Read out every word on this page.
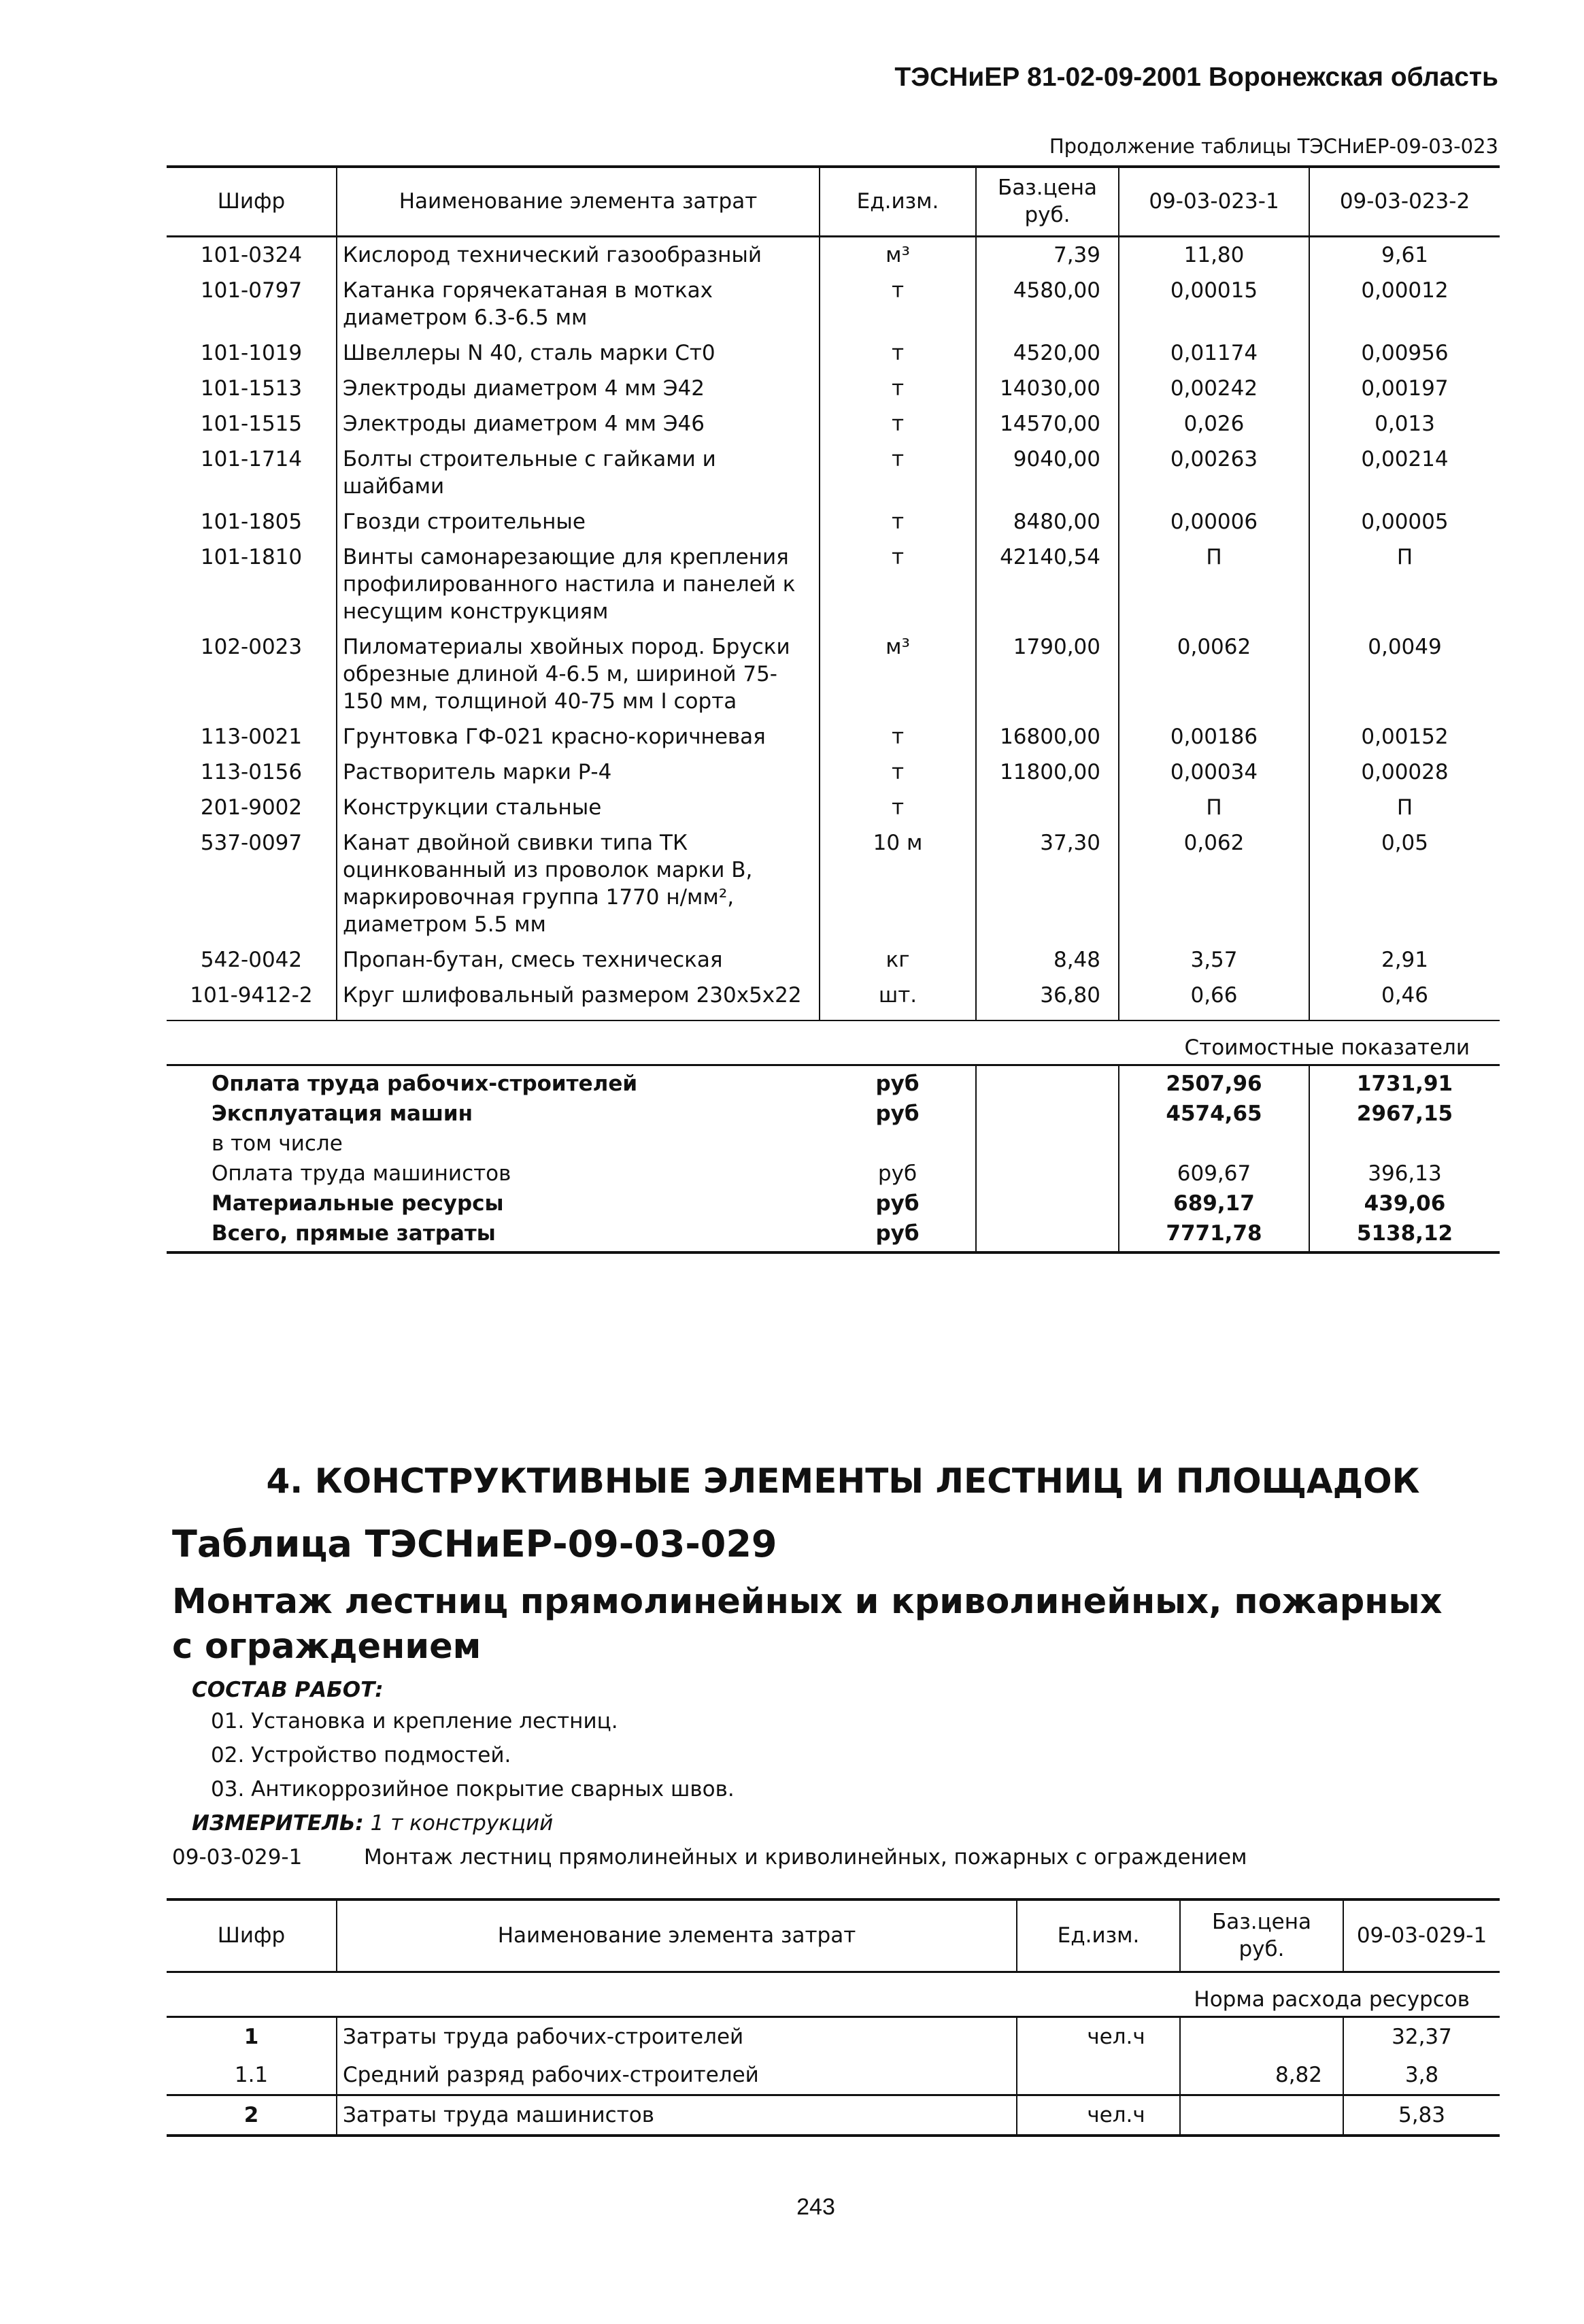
ТЭСНиЕР 81-02-09-2001 Воронежская область
Продолжение таблицы ТЭСНиЕР-09-03-023
Шифр	Наименование элемента затрат	Ед.изм.	Баз.цена руб.	09-03-023-1	09-03-023-2
101-0324	Кислород технический газообразный	м³	7,39	11,80	9,61
101-0797	Катанка горячекатаная в мотках диаметром 6.3-6.5 мм	т	4580,00	0,00015	0,00012
101-1019	Швеллеры N 40, сталь марки Ст0	т	4520,00	0,01174	0,00956
101-1513	Электроды диаметром 4 мм Э42	т	14030,00	0,00242	0,00197
101-1515	Электроды диаметром 4 мм Э46	т	14570,00	0,026	0,013
101-1714	Болты строительные с гайками и шайбами	т	9040,00	0,00263	0,00214
101-1805	Гвозди строительные	т	8480,00	0,00006	0,00005
101-1810	Винты самонарезающие для крепления профилированного настила и панелей к несущим конструкциям	т	42140,54	П	П
102-0023	Пиломатериалы хвойных пород. Бруски обрезные длиной 4-6.5 м, шириной 75-150 мм, толщиной 40-75 мм I сорта	м³	1790,00	0,0062	0,0049
113-0021	Грунтовка ГФ-021 красно-коричневая	т	16800,00	0,00186	0,00152
113-0156	Растворитель марки Р-4	т	11800,00	0,00034	0,00028
201-9002	Конструкции стальные	т		П	П
537-0097	Канат двойной свивки типа ТК оцинкованный из проволок марки В, маркировочная группа 1770 н/мм², диаметром 5.5 мм	10 м	37,30	0,062	0,05
542-0042	Пропан-бутан, смесь техническая	кг	8,48	3,57	2,91
101-9412-2	Круг шлифовальный размером 230x5x22	шт.	36,80	0,66	0,46
Стоимостные показатели					
Оплата труда рабочих-строителей		руб		2507,96	1731,91
Эксплуатация машин		руб		4574,65	2967,15
в том числе					
Оплата труда машинистов		руб		609,67	396,13
Материальные ресурсы		руб		689,17	439,06
Всего, прямые затраты		руб		7771,78	5138,12
4. КОНСТРУКТИВНЫЕ ЭЛЕМЕНТЫ ЛЕСТНИЦ И ПЛОЩАДОК
Таблица ТЭСНиЕР-09-03-029
Монтаж лестниц прямолинейных и криволинейных, пожарных с ограждением
СОСТАВ РАБОТ:
01. Установка и крепление лестниц.
02. Устройство подмостей.
03. Антикоррозийное покрытие сварных швов.
ИЗМЕРИТЕЛЬ: 1 т конструкций
09-03-029-1	Монтаж лестниц прямолинейных и криволинейных, пожарных с ограждением
Шифр	Наименование элемента затрат	Ед.изм.	Баз.цена руб.	09-03-029-1
Норма расхода ресурсов				
1	Затраты труда рабочих-строителей	чел.ч		32,37
1.1	Средний разряд рабочих-строителей		8,82	3,8
2	Затраты труда машинистов	чел.ч		5,83
243
